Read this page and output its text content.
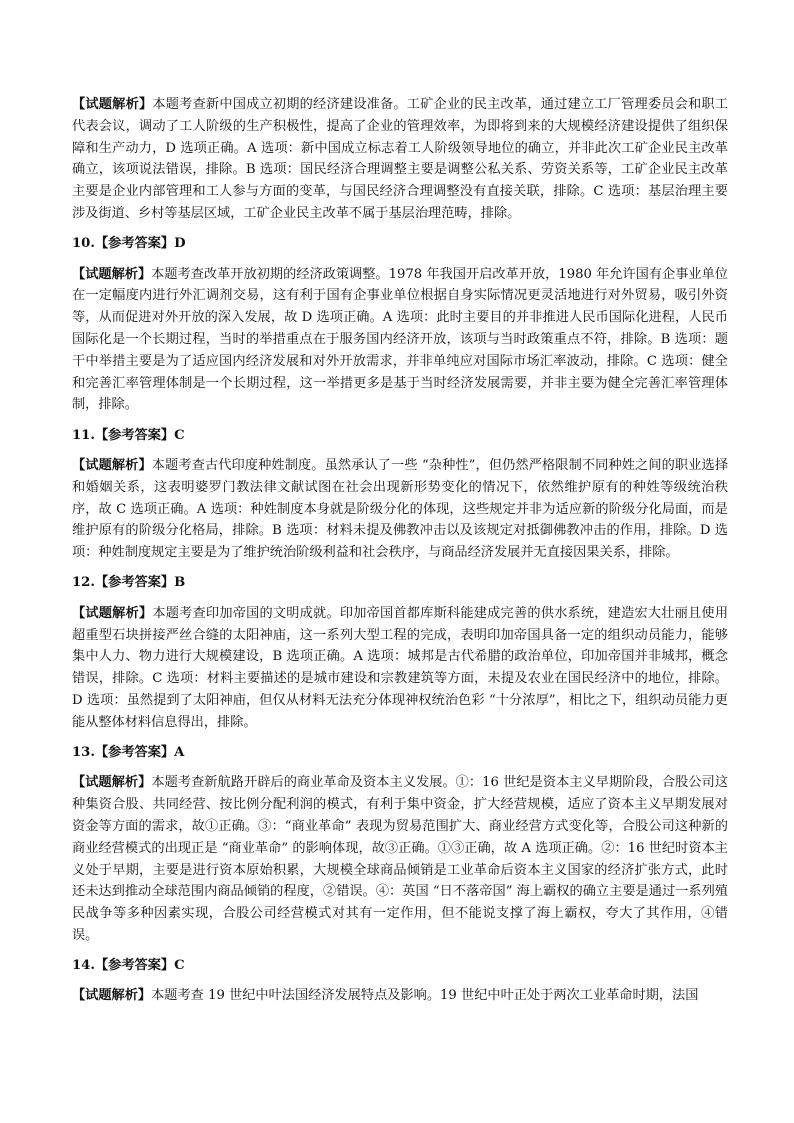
【试题解析】本题考查新中国成立初期的经济建设准备。工矿企业的民主改革，通过建立工厂管理委员会和职工代表会议，调动了工人阶级的生产积极性，提高了企业的管理效率，为即将到来的大规模经济建设提供了组织保障和生产动力，D 选项正确。A 选项：新中国成立标志着工人阶级领导地位的确立，并非此次工矿企业民主改革确立，该项说法错误，排除。B 选项：国民经济合理调整主要是调整公私关系、劳资关系等，工矿企业民主改革主要是企业内部管理和工人参与方面的变革，与国民经济合理调整没有直接关联，排除。C 选项：基层治理主要涉及街道、乡村等基层区域，工矿企业民主改革不属于基层治理范畴，排除。

10.【参考答案】D

【试题解析】本题考查改革开放初期的经济政策调整。1978 年我国开启改革开放，1980 年允许国有企事业单位在一定幅度内进行外汇调剂交易，这有利于国有企事业单位根据自身实际情况更灵活地进行对外贸易，吸引外资等，从而促进对外开放的深入发展，故 D 选项正确。A 选项：此时主要目的并非推进人民币国际化进程，人民币国际化是一个长期过程，当时的举措重点在于服务国内经济开放，该项与当时政策重点不符，排除。B 选项：题干中举措主要是为了适应国内经济发展和对外开放需求，并非单纯应对国际市场汇率波动，排除。C 选项：健全和完善汇率管理体制是一个长期过程，这一举措更多是基于当时经济发展需要，并非主要为健全完善汇率管理体制，排除。

11.【参考答案】C

【试题解析】本题考查古代印度种姓制度。虽然承认了一些 “杂种性”，但仍然严格限制不同种姓之间的职业选择和婚姻关系，这表明婆罗门教法律文献试图在社会出现新形势变化的情况下，依然维护原有的种姓等级统治秩序，故 C 选项正确。A 选项：种姓制度本身就是阶级分化的体现，这些规定并非为适应新的阶级分化局面，而是维护原有的阶级分化格局，排除。B 选项：材料未提及佛教冲击以及该规定对抵御佛教冲击的作用，排除。D 选项：种姓制度规定主要是为了维护统治阶级利益和社会秩序，与商品经济发展并无直接因果关系，排除。

12.【参考答案】B

【试题解析】本题考查印加帝国的文明成就。印加帝国首都库斯科能建成完善的供水系统，建造宏大壮丽且使用超重型石块拼接严丝合缝的太阳神庙，这一系列大型工程的完成，表明印加帝国具备一定的组织动员能力，能够集中人力、物力进行大规模建设，B 选项正确。A 选项：城邦是古代希腊的政治单位，印加帝国并非城邦，概念错误，排除。C 选项：材料主要描述的是城市建设和宗教建筑等方面，未提及农业在国民经济中的地位，排除。D 选项：虽然提到了太阳神庙，但仅从材料无法充分体现神权统治色彩 “十分浓厚”，相比之下，组织动员能力更能从整体材料信息得出，排除。

13.【参考答案】A

【试题解析】本题考查新航路开辟后的商业革命及资本主义发展。①：16 世纪是资本主义早期阶段，合股公司这种集资合股、共同经营、按比例分配利润的模式，有利于集中资金，扩大经营规模，适应了资本主义早期发展对资金等方面的需求，故①正确。③：“商业革命” 表现为贸易范围扩大、商业经营方式变化等，合股公司这种新的商业经营模式的出现正是 “商业革命” 的影响体现，故③正确。①③正确，故 A 选项正确。②：16 世纪时资本主义处于早期，主要是进行资本原始积累，大规模全球商品倾销是工业革命后资本主义国家的经济扩张方式，此时还未达到推动全球范围内商品倾销的程度，②错误。④：英国 “日不落帝国” 海上霸权的确立主要是通过一系列殖民战争等多种因素实现，合股公司经营模式对其有一定作用，但不能说支撑了海上霸权，夸大了其作用，④错误。

14.【参考答案】C

【试题解析】本题考查 19 世纪中叶法国经济发展特点及影响。19 世纪中叶正处于两次工业革命时期，法国
